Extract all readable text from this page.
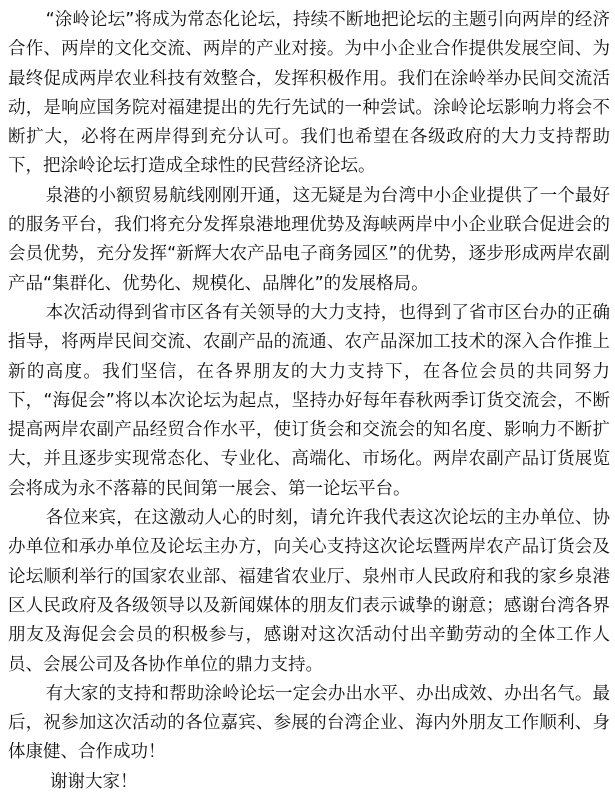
“涂岭论坛”将成为常态化论坛，持续不断地把论坛的主题引向两岸的经济合作、两岸的文化交流、两岸的产业对接。为中小企业合作提供发展空间、为最终促成两岸农业科技有效整合，发挥积极作用。我们在涂岭举办民间交流活动，是响应国务院对福建提出的先行先试的一种尝试。涂岭论坛影响力将会不断扩大，必将在两岸得到充分认可。我们也希望在各级政府的大力支持帮助下，把涂岭论坛打造成全球性的民营经济论坛。

泉港的小额贸易航线刚刚开通，这无疑是为台湾中小企业提供了一个最好的服务平台，我们将充分发挥泉港地理优势及海峡两岸中小企业联合促进会的会员优势，充分发挥“新辉大农产品电子商务园区”的优势，逐步形成两岸农副产品“集群化、优势化、规模化、品牌化”的发展格局。

本次活动得到省市区各有关领导的大力支持，也得到了省市区台办的正确指导，将两岸民间交流、农副产品的流通、农产品深加工技术的深入合作推上新的高度。我们坚信，在各界朋友的大力支持下，在各位会员的共同努力下，“海促会”将以本次论坛为起点，坚持办好每年春秋两季订货交流会，不断提高两岸农副产品经贸合作水平，使订货会和交流会的知名度、影响力不断扩大，并且逐步实现常态化、专业化、高端化、市场化。两岸农副产品订货展览会将成为永不落幕的民间第一展会、第一论坛平台。

各位来宾，在这激动人心的时刻，请允许我代表这次论坛的主办单位、协办单位和承办单位及论坛主办方，向关心支持这次论坛暨两岸农产品订货会及论坛顺利举行的国家农业部、福建省农业厅、泉州市人民政府和我的家乡泉港区人民政府及各级领导以及新闻媒体的朋友们表示诚挚的谢意；感谢台湾各界朋友及海促会会员的积极参与，感谢对这次活动付出辛勤劳动的全体工作人员、会展公司及各协作单位的鼎力支持。

有大家的支持和帮助涂岭论坛一定会办出水平、办出成效、办出名气。最后，祝参加这次活动的各位嘉宾、参展的台湾企业、海内外朋友工作顺利、身体康健、合作成功！

谢谢大家！
